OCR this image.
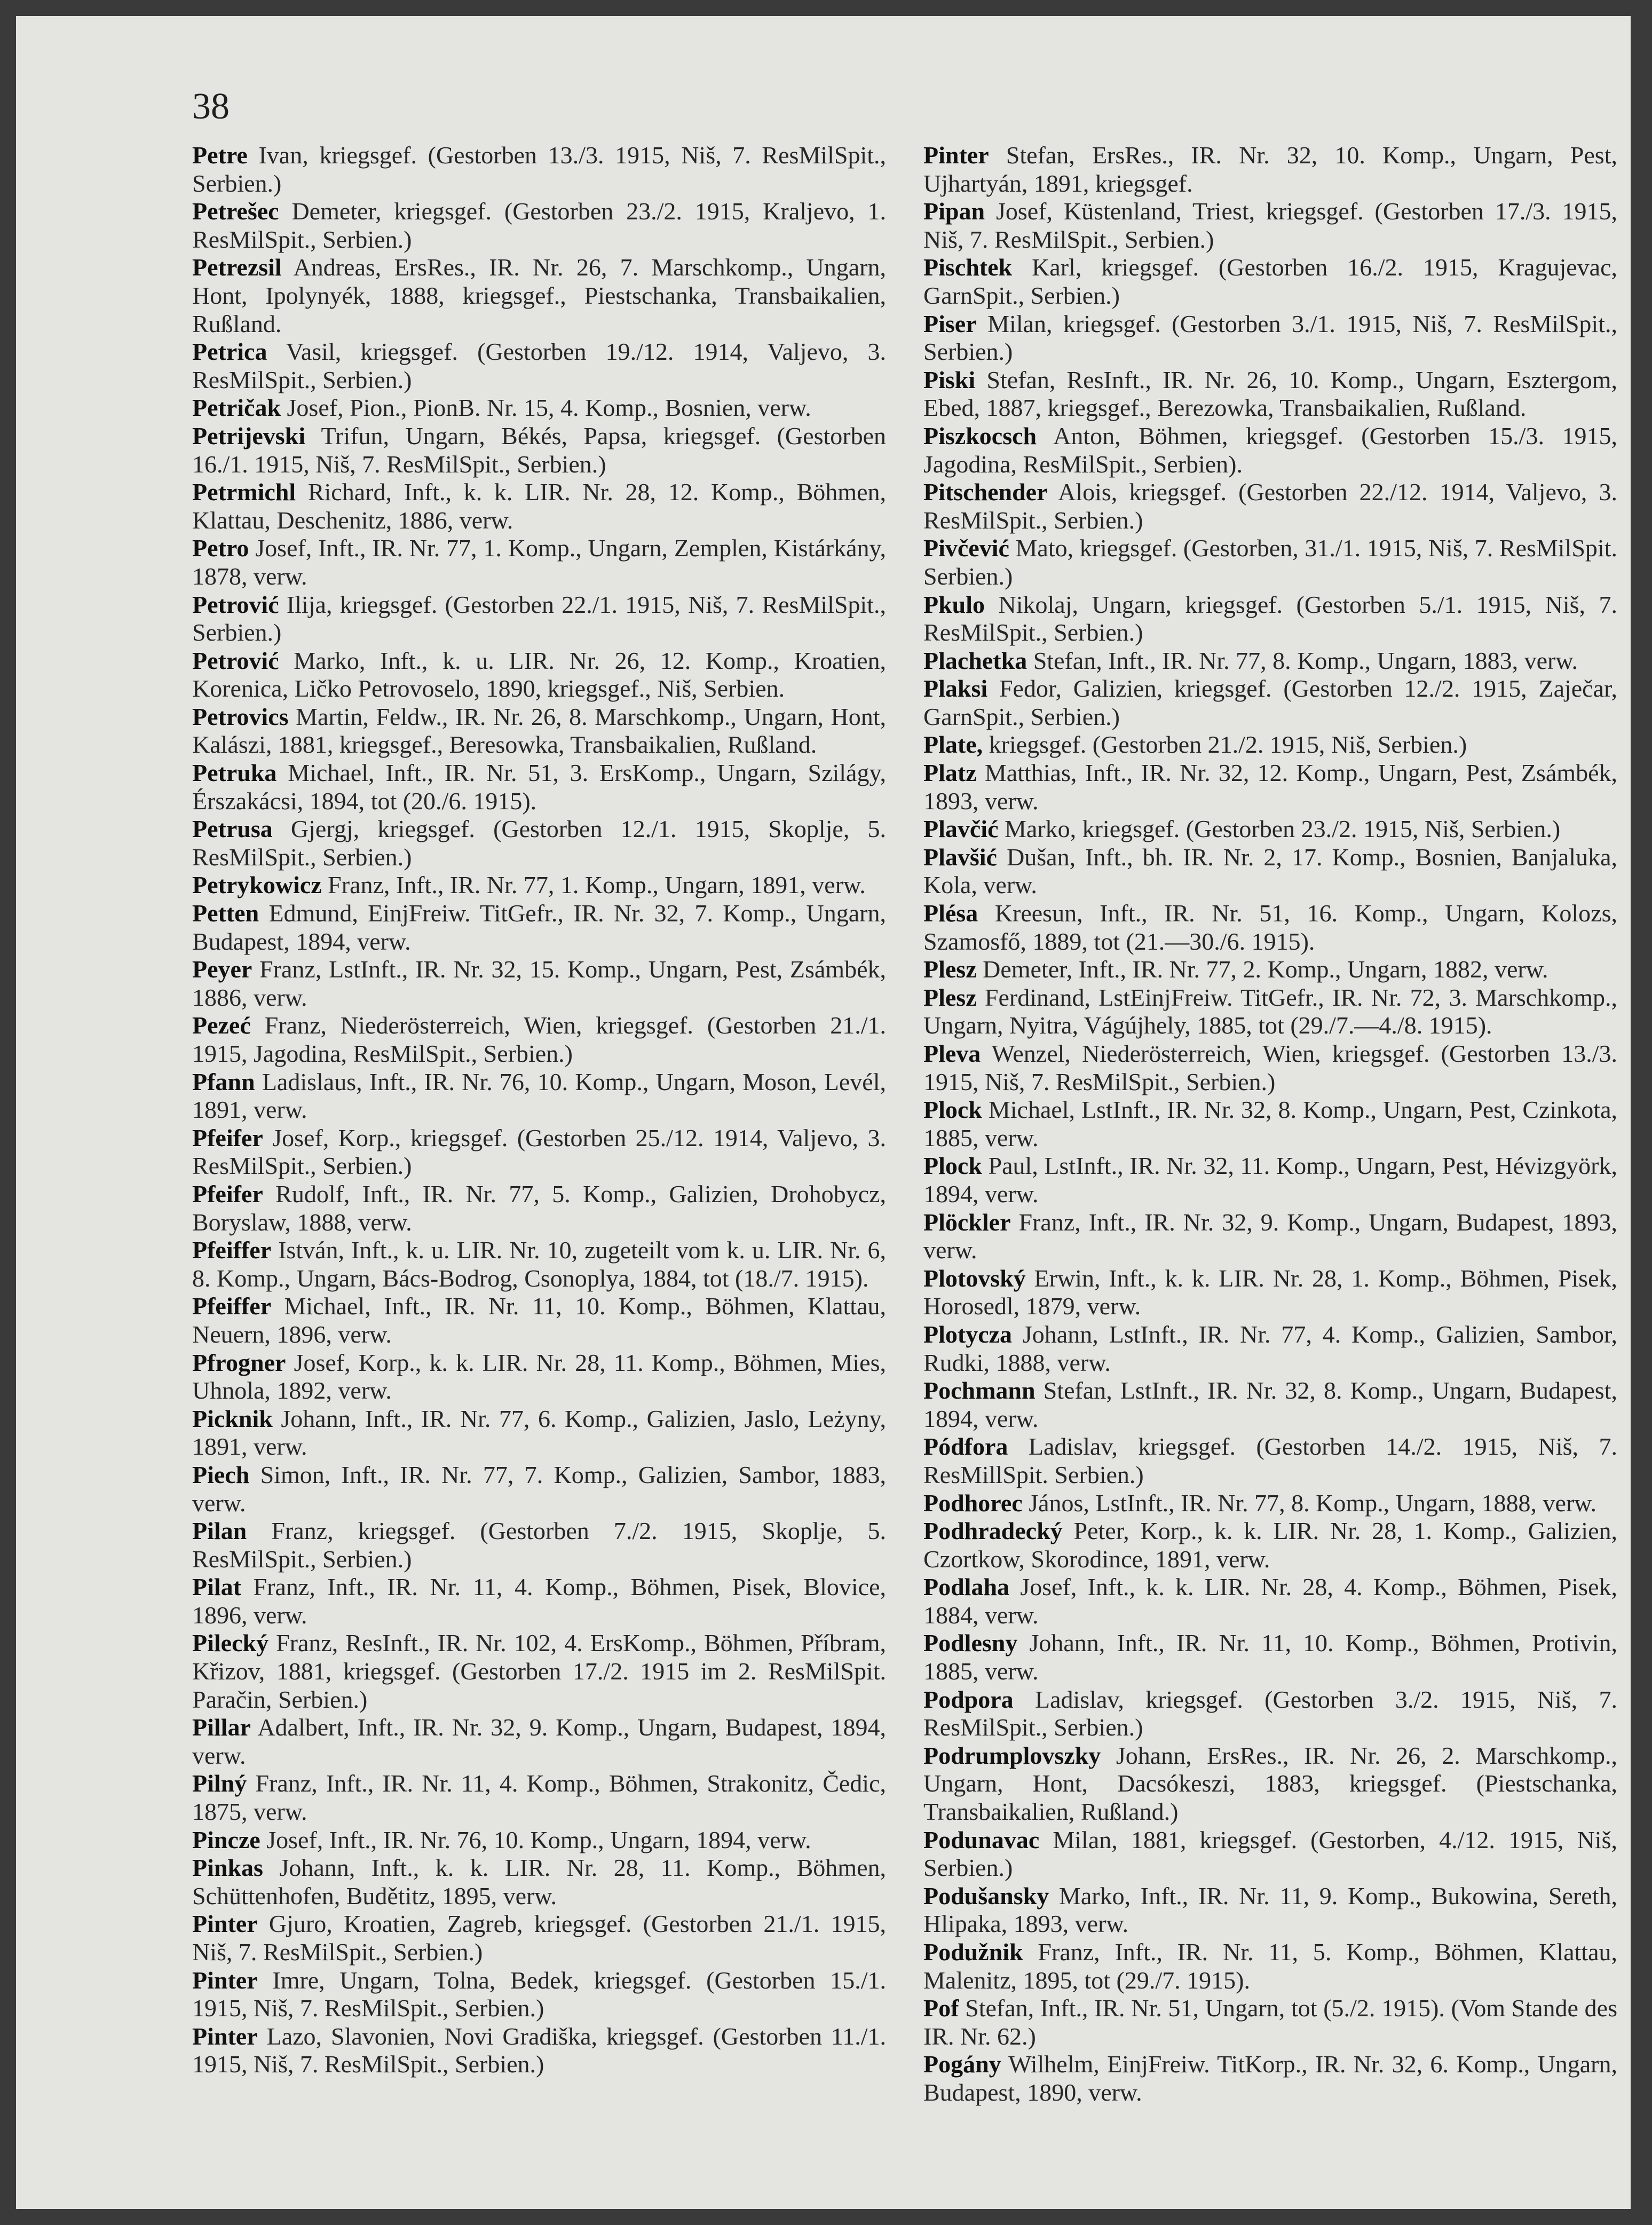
38

Petre Ivan, kriegsgef. (Gestorben 13./3. 1915, Niš, 7. ResMilSpit., Serbien.)

Petrešec Demeter, kriegsgef. (Gestorben 23./2. 1915, Kraljevo, 1. ResMilSpit., Serbien.)

Petrezsil Andreas, ErsRes., IR. Nr. 26, 7. Marschkomp., Ungarn, Hont, Ipolynyék, 1888, kriegsgef., Piestschanka, Transbaikalien, Rußland.

Petrica Vasil, kriegsgef. (Gestorben 19./12. 1914, Valjevo, 3. ResMilSpit., Serbien.)

Petričak Josef, Pion., PionB. Nr. 15, 4. Komp., Bosnien, verw.

Petrijevski Trifun, Ungarn, Békés, Papsa, kriegsgef. (Gestorben 16./1. 1915, Niš, 7. ResMilSpit., Serbien.)

Petrmichl Richard, Inft., k. k. LIR. Nr. 28, 12. Komp., Böhmen, Klattau, Deschenitz, 1886, verw.

Petro Josef, Inft., IR. Nr. 77, 1. Komp., Ungarn, Zemplen, Kistárkány, 1878, verw.

Petrović Ilija, kriegsgef. (Gestorben 22./1. 1915, Niš, 7. ResMilSpit., Serbien.)

Petrović Marko, Inft., k. u. LIR. Nr. 26, 12. Komp., Kroatien, Korenica, Ličko Petrovoselo, 1890, kriegsgef., Niš, Serbien.

Petrovics Martin, Feldw., IR. Nr. 26, 8. Marschkomp., Ungarn, Hont, Kalászi, 1881, kriegsgef., Beresowka, Transbaikalien, Rußland.

Petruka Michael, Inft., IR. Nr. 51, 3. ErsKomp., Ungarn, Szilágy, Érszakácsi, 1894, tot (20./6. 1915).

Petrusa Gjergj, kriegsgef. (Gestorben 12./1. 1915, Skoplje, 5. ResMilSpit., Serbien.)

Petrykowicz Franz, Inft., IR. Nr. 77, 1. Komp., Ungarn, 1891, verw.

Petten Edmund, EinjFreiw. TitGefr., IR. Nr. 32, 7. Komp., Ungarn, Budapest, 1894, verw.

Peyer Franz, LstInft., IR. Nr. 32, 15. Komp., Ungarn, Pest, Zsámbék, 1886, verw.

Pezeć Franz, Niederösterreich, Wien, kriegsgef. (Gestorben 21./1. 1915, Jagodina, ResMilSpit., Serbien.)

Pfann Ladislaus, Inft., IR. Nr. 76, 10. Komp., Ungarn, Moson, Levél, 1891, verw.

Pfeifer Josef, Korp., kriegsgef. (Gestorben 25./12. 1914, Valjevo, 3. ResMilSpit., Serbien.)

Pfeifer Rudolf, Inft., IR. Nr. 77, 5. Komp., Galizien, Drohobycz, Boryslaw, 1888, verw.

Pfeiffer István, Inft., k. u. LIR. Nr. 10, zugeteilt vom k. u. LIR. Nr. 6, 8. Komp., Ungarn, Bács-Bodrog, Csonoplya, 1884, tot (18./7. 1915).

Pfeiffer Michael, Inft., IR. Nr. 11, 10. Komp., Böhmen, Klattau, Neuern, 1896, verw.

Pfrogner Josef, Korp., k. k. LIR. Nr. 28, 11. Komp., Böhmen, Mies, Uhnola, 1892, verw.

Picknik Johann, Inft., IR. Nr. 77, 6. Komp., Galizien, Jaslo, Leżyny, 1891, verw.

Piech Simon, Inft., IR. Nr. 77, 7. Komp., Galizien, Sambor, 1883, verw.

Pilan Franz, kriegsgef. (Gestorben 7./2. 1915, Skoplje, 5. ResMilSpit., Serbien.)

Pilat Franz, Inft., IR. Nr. 11, 4. Komp., Böhmen, Pisek, Blovice, 1896, verw.

Pilecký Franz, ResInft., IR. Nr. 102, 4. ErsKomp., Böhmen, Příbram, Křizov, 1881, kriegsgef. (Gestorben 17./2. 1915 im 2. ResMilSpit. Paračin, Serbien.)

Pillar Adalbert, Inft., IR. Nr. 32, 9. Komp., Ungarn, Budapest, 1894, verw.

Pilný Franz, Inft., IR. Nr. 11, 4. Komp., Böhmen, Strakonitz, Čedic, 1875, verw.

Pincze Josef, Inft., IR. Nr. 76, 10. Komp., Ungarn, 1894, verw.

Pinkas Johann, Inft., k. k. LIR. Nr. 28, 11. Komp., Böhmen, Schüttenhofen, Budětitz, 1895, verw.

Pinter Gjuro, Kroatien, Zagreb, kriegsgef. (Gestorben 21./1. 1915, Niš, 7. ResMilSpit., Serbien.)

Pinter Imre, Ungarn, Tolna, Bedek, kriegsgef. (Gestorben 15./1. 1915, Niš, 7. ResMilSpit., Serbien.)

Pinter Lazo, Slavonien, Novi Gradiška, kriegsgef. (Gestorben 11./1. 1915, Niš, 7. ResMilSpit., Serbien.)

Pinter Stefan, ErsRes., IR. Nr. 32, 10. Komp., Ungarn, Pest, Ujhartyán, 1891, kriegsgef.

Pipan Josef, Küstenland, Triest, kriegsgef. (Gestorben 17./3. 1915, Niš, 7. ResMilSpit., Serbien.)

Pischtek Karl, kriegsgef. (Gestorben 16./2. 1915, Kragujevac, GarnSpit., Serbien.)

Piser Milan, kriegsgef. (Gestorben 3./1. 1915, Niš, 7. ResMilSpit., Serbien.)

Piski Stefan, ResInft., IR. Nr. 26, 10. Komp., Ungarn, Esztergom, Ebed, 1887, kriegsgef., Berezowka, Transbaikalien, Rußland.

Piszkocsch Anton, Böhmen, kriegsgef. (Gestorben 15./3. 1915, Jagodina, ResMilSpit., Serbien).

Pitschender Alois, kriegsgef. (Gestorben 22./12. 1914, Valjevo, 3. ResMilSpit., Serbien.)

Pivčević Mato, kriegsgef. (Gestorben, 31./1. 1915, Niš, 7. ResMilSpit. Serbien.)

Pkulo Nikolaj, Ungarn, kriegsgef. (Gestorben 5./1. 1915, Niš, 7. ResMilSpit., Serbien.)

Plachetka Stefan, Inft., IR. Nr. 77, 8. Komp., Ungarn, 1883, verw.

Plaksi Fedor, Galizien, kriegsgef. (Gestorben 12./2. 1915, Zaječar, GarnSpit., Serbien.)

Plate, kriegsgef. (Gestorben 21./2. 1915, Niš, Serbien.)

Platz Matthias, Inft., IR. Nr. 32, 12. Komp., Ungarn, Pest, Zsámbék, 1893, verw.

Plavčić Marko, kriegsgef. (Gestorben 23./2. 1915, Niš, Serbien.)

Plavšić Dušan, Inft., bh. IR. Nr. 2, 17. Komp., Bosnien, Banjaluka, Kola, verw.

Plésa Kreesun, Inft., IR. Nr. 51, 16. Komp., Ungarn, Kolozs, Szamosfő, 1889, tot (21.—30./6. 1915).

Plesz Demeter, Inft., IR. Nr. 77, 2. Komp., Ungarn, 1882, verw.

Plesz Ferdinand, LstEinjFreiw. TitGefr., IR. Nr. 72, 3. Marschkomp., Ungarn, Nyitra, Vágújhely, 1885, tot (29./7.—4./8. 1915).

Pleva Wenzel, Niederösterreich, Wien, kriegsgef. (Gestorben 13./3. 1915, Niš, 7. ResMilSpit., Serbien.)

Plock Michael, LstInft., IR. Nr. 32, 8. Komp., Ungarn, Pest, Czinkota, 1885, verw.

Plock Paul, LstInft., IR. Nr. 32, 11. Komp., Ungarn, Pest, Hévizgyörk, 1894, verw.

Plöckler Franz, Inft., IR. Nr. 32, 9. Komp., Ungarn, Budapest, 1893, verw.

Plotovský Erwin, Inft., k. k. LIR. Nr. 28, 1. Komp., Böhmen, Pisek, Horosedl, 1879, verw.

Plotycza Johann, LstInft., IR. Nr. 77, 4. Komp., Galizien, Sambor, Rudki, 1888, verw.

Pochmann Stefan, LstInft., IR. Nr. 32, 8. Komp., Ungarn, Budapest, 1894, verw.

Pódfora Ladislav, kriegsgef. (Gestorben 14./2. 1915, Niš, 7. ResMillSpit. Serbien.)

Podhorec János, LstInft., IR. Nr. 77, 8. Komp., Ungarn, 1888, verw.

Podhradecký Peter, Korp., k. k. LIR. Nr. 28, 1. Komp., Galizien, Czortkow, Skorodince, 1891, verw.

Podlaha Josef, Inft., k. k. LIR. Nr. 28, 4. Komp., Böhmen, Pisek, 1884, verw.

Podlesny Johann, Inft., IR. Nr. 11, 10. Komp., Böhmen, Protivin, 1885, verw.

Podpora Ladislav, kriegsgef. (Gestorben 3./2. 1915, Niš, 7. ResMilSpit., Serbien.)

Podrumplovszky Johann, ErsRes., IR. Nr. 26, 2. Marschkomp., Ungarn, Hont, Dacsókeszi, 1883, kriegsgef. (Piestschanka, Transbaikalien, Rußland.)

Podunavac Milan, 1881, kriegsgef. (Gestorben, 4./12. 1915, Niš, Serbien.)

Podušansky Marko, Inft., IR. Nr. 11, 9. Komp., Bukowina, Sereth, Hlipaka, 1893, verw.

Podužnik Franz, Inft., IR. Nr. 11, 5. Komp., Böhmen, Klattau, Malenitz, 1895, tot (29./7. 1915).

Pof Stefan, Inft., IR. Nr. 51, Ungarn, tot (5./2. 1915). (Vom Stande des IR. Nr. 62.)

Pogány Wilhelm, EinjFreiw. TitKorp., IR. Nr. 32, 6. Komp., Ungarn, Budapest, 1890, verw.
